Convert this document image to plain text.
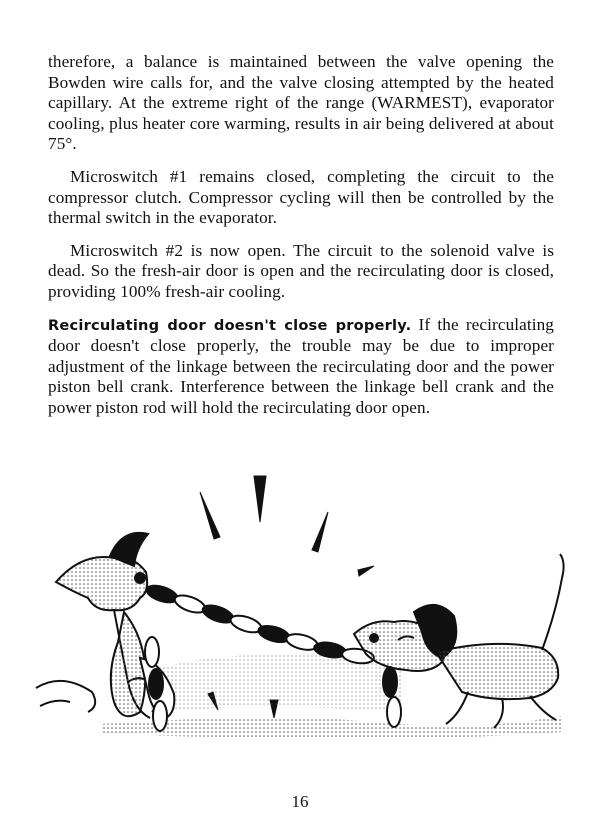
therefore, a balance is maintained between the valve opening the Bowden wire calls for, and the valve closing attempted by the heated capillary. At the extreme right of the range (WARMEST), evaporator cooling, plus heater core warming, results in air being delivered at about 75°.

Microswitch #1 remains closed, completing the circuit to the compressor clutch. Compressor cycling will then be controlled by the thermal switch in the evaporator.

Microswitch #2 is now open. The circuit to the solenoid valve is dead. So the fresh-air door is open and the recirculating door is closed, providing 100% fresh-air cooling.

Recirculating door doesn't close properly. If the recirculating door doesn't close properly, the trouble may be due to improper adjustment of the linkage between the recirculating door and the power piston bell crank. Interference between the linkage bell crank and the power piston rod will hold the recirculating door open.

16
